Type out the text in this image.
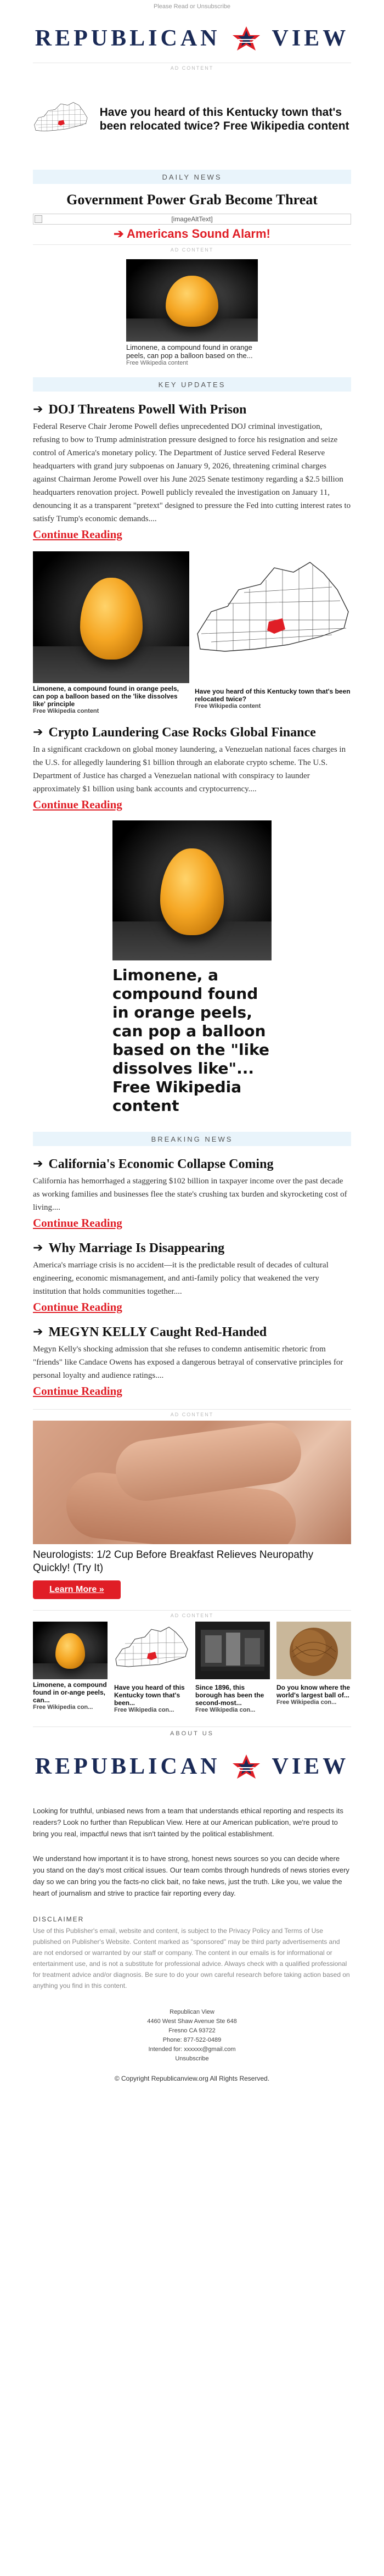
Please Read or Unsubscribe
REPUBLICAN VIEW
AD CONTENT
Have you heard of this Kentucky town that's been relocated twice? Free Wikipedia content
DAILY NEWS
Government Power Grab Become Threat
[imageAltText]
➔ Americans Sound Alarm!
AD CONTENT
Limonene, a compound found in orange peels, can pop a balloon based on the...
Free Wikipedia content
KEY UPDATES
➔ DOJ Threatens Powell With Prison

Federal Reserve Chair Jerome Powell defies unprecedented DOJ criminal investigation, refusing to bow to Trump administration pressure designed to force his resignation and seize control of America's monetary policy. The Department of Justice served Federal Reserve headquarters with grand jury subpoenas on January 9, 2026, threatening criminal charges against Chairman Jerome Powell over his June 2025 Senate testimony regarding a $2.5 billion headquarters renovation project. Powell publicly revealed the investigation on January 11, denouncing it as a transparent "pretext" designed to pressure the Fed into cutting interest rates to satisfy Trump's economic demands....

Continue Reading
Limonene, a compound found in orange peels, can pop a balloon based on the 'like dissolves like' principle
Free Wikipedia content
Have you heard of this Kentucky town that's been relocated twice?
Free Wikipedia content
➔ Crypto Laundering Case Rocks Global Finance

In a significant crackdown on global money laundering, a Venezuelan national faces charges in the U.S. for allegedly laundering $1 billion through an elaborate crypto scheme. The U.S. Department of Justice has charged a Venezuelan national with conspiracy to launder approximately $1 billion using bank accounts and cryptocurrency....

Continue Reading
Limonene, a compound found in orange peels, can pop a balloon based on the "like dissolves like"... Free Wikipedia content
BREAKING NEWS
➔ California's Economic Collapse Coming

California has hemorrhaged a staggering $102 billion in taxpayer income over the past decade as working families and businesses flee the state's crushing tax burden and skyrocketing cost of living....

Continue Reading
➔ Why Marriage Is Disappearing

America's marriage crisis is no accident—it is the predictable result of decades of cultural engineering, economic mismanagement, and anti-family policy that weakened the very institution that holds communities together....

Continue Reading
➔ MEGYN KELLY Caught Red-Handed

Megyn Kelly's shocking admission that she refuses to condemn antisemitic rhetoric from "friends" like Candace Owens has exposed a dangerous betrayal of conservative principles for personal loyalty and audience ratings....

Continue Reading
AD CONTENT
Neurologists: 1/2 Cup Before Breakfast Relieves Neuropathy Quickly! (Try It)
Learn More »
AD CONTENT
Limonene, a compound found in or-ange peels, can...
Free Wikipedia con...
Have you heard of this Kentucky town that's been...
Free Wikipedia con...
Since 1896, this borough has been the second-most...
Free Wikipedia con...
Do you know where the world's largest ball of...
Free Wikipedia con...
ABOUT US
REPUBLICAN VIEW

Looking for truthful, unbiased news from a team that understands ethical reporting and respects its readers? Look no further than Republican View. Here at our American publication, we're proud to bring you real, impactful news that isn't tainted by the political establishment.

We understand how important it is to have strong, honest news sources so you can decide where you stand on the day's most critical issues. Our team combs through hundreds of news stories every day so we can bring you the facts-no click bait, no fake news, just the truth. Like you, we value the heart of journalism and strive to practice fair reporting every day.

DISCLAIMER

Use of this Publisher's email, website and content, is subject to the Privacy Policy and Terms of Use published on Publisher's Website. Content marked as "sponsored" may be third party advertisements and are not endorsed or warranted by our staff or company. The content in our emails is for informational or entertainment use, and is not a substitute for professional advice. Always check with a qualified professional for treatment advice and/or diagnosis. Be sure to do your own careful research before taking action based on anything you find in this content.

Republican View
4460 West Shaw Avenue Ste 648
Fresno CA 93722
Phone: 877-522-0489
Intended for: xxxxxx@gmail.com
Unsubscribe
© Copyright Republicanview.org All Rights Reserved.
